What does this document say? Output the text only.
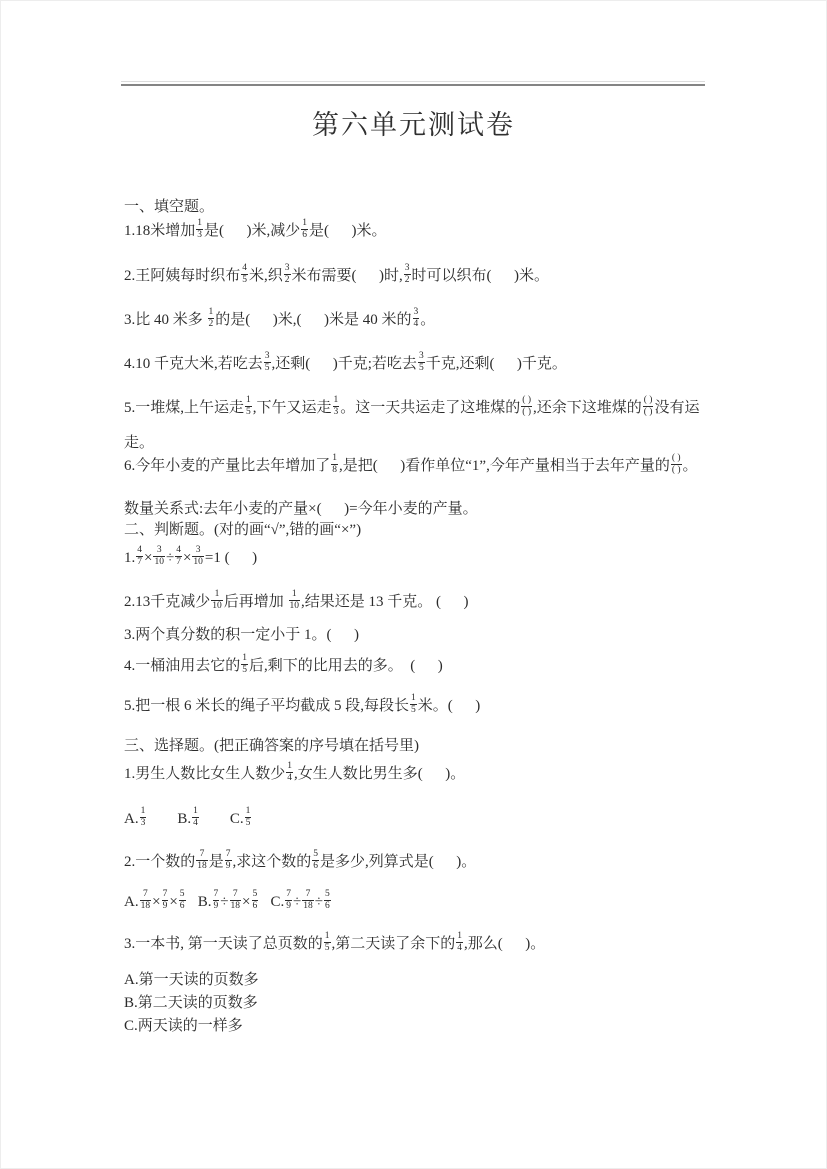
第六单元测试卷
一、填空题。
1.18米增加 $\frac{1}{3}$ 是(      )米,减少 $\frac{1}{6}$ 是(      )米。
2.王阿姨每时织布 $\frac{4}{5}$ 米,织 $\frac{3}{2}$ 米布需要(      )时, $\frac{3}{2}$ 时可以织布(      )米。
3.比 40 米多 $\frac{1}{2}$ 的是(      )米,(      )米是 40 米的 $\frac{3}{4}$ 。
4.10 千克大米,若吃去 $\frac{3}{5}$ ,还剩(      )千克;若吃去 $\frac{3}{5}$ 千克,还剩(      )千克。
5.一堆煤,上午运走 $\frac{1}{5}$ ,下午又运走 $\frac{1}{3}$ 。这一天共运走了这堆煤的 $\frac{( )}{( )}$ ,还余下这堆煤的 $\frac{( )}{( )}$ 没有运
走。
6.今年小麦的产量比去年增加了 $\frac{1}{8}$ ,是把(      )看作单位“1”,今年产量相当于去年产量的 $\frac{( )}{( )}$ 。
数量关系式:去年小麦的产量×(      )=今年小麦的产量。
二、判断题。(对的画“√”,错的画“×”)
1. $\frac{4}{7} \times \frac{3}{10} \div \frac{4}{7} \times \frac{3}{10} =1$ (      )
2.13千克减少 $\frac{1}{10}$ 后再增加 $\frac{1}{10}$ ,结果还是 13 千克。 (      )
3.两个真分数的积一定小于 1。(      )
4.一桶油用去它的 $\frac{1}{5}$ 后,剩下的比用去的多。  (      )
5.把一根 6 米长的绳子平均截成 5 段,每段长 $\frac{1}{5}$ 米。(      )
三、选择题。(把正确答案的序号填在括号里)
1.男生人数比女生人数少 $\frac{1}{4}$ ,女生人数比男生多(      )。
A. $\frac{1}{3} B$. $\frac{1}{4} C$. $\frac{1}{5}$
2.一个数的 $\frac{7}{18}$ 是 $\frac{7}{9}$ ,求这个数的 $\frac{5}{6}$ 是多少,列算式是(      )。
A. $\frac{7}{18} \times \frac{7}{9} \times \frac{5}{6} B$. $\frac{7}{9} \div \frac{7}{18} \times \frac{5}{6} C$. $\frac{7}{9} \div \frac{7}{18} \div \frac{5}{6}$
3.一本书, 第一天读了总页数的 $\frac{1}{5}$ ,第二天读了余下的 $\frac{1}{4}$ ,那么(      )。
A.第一天读的页数多
B.第二天读的页数多
C.两天读的一样多
